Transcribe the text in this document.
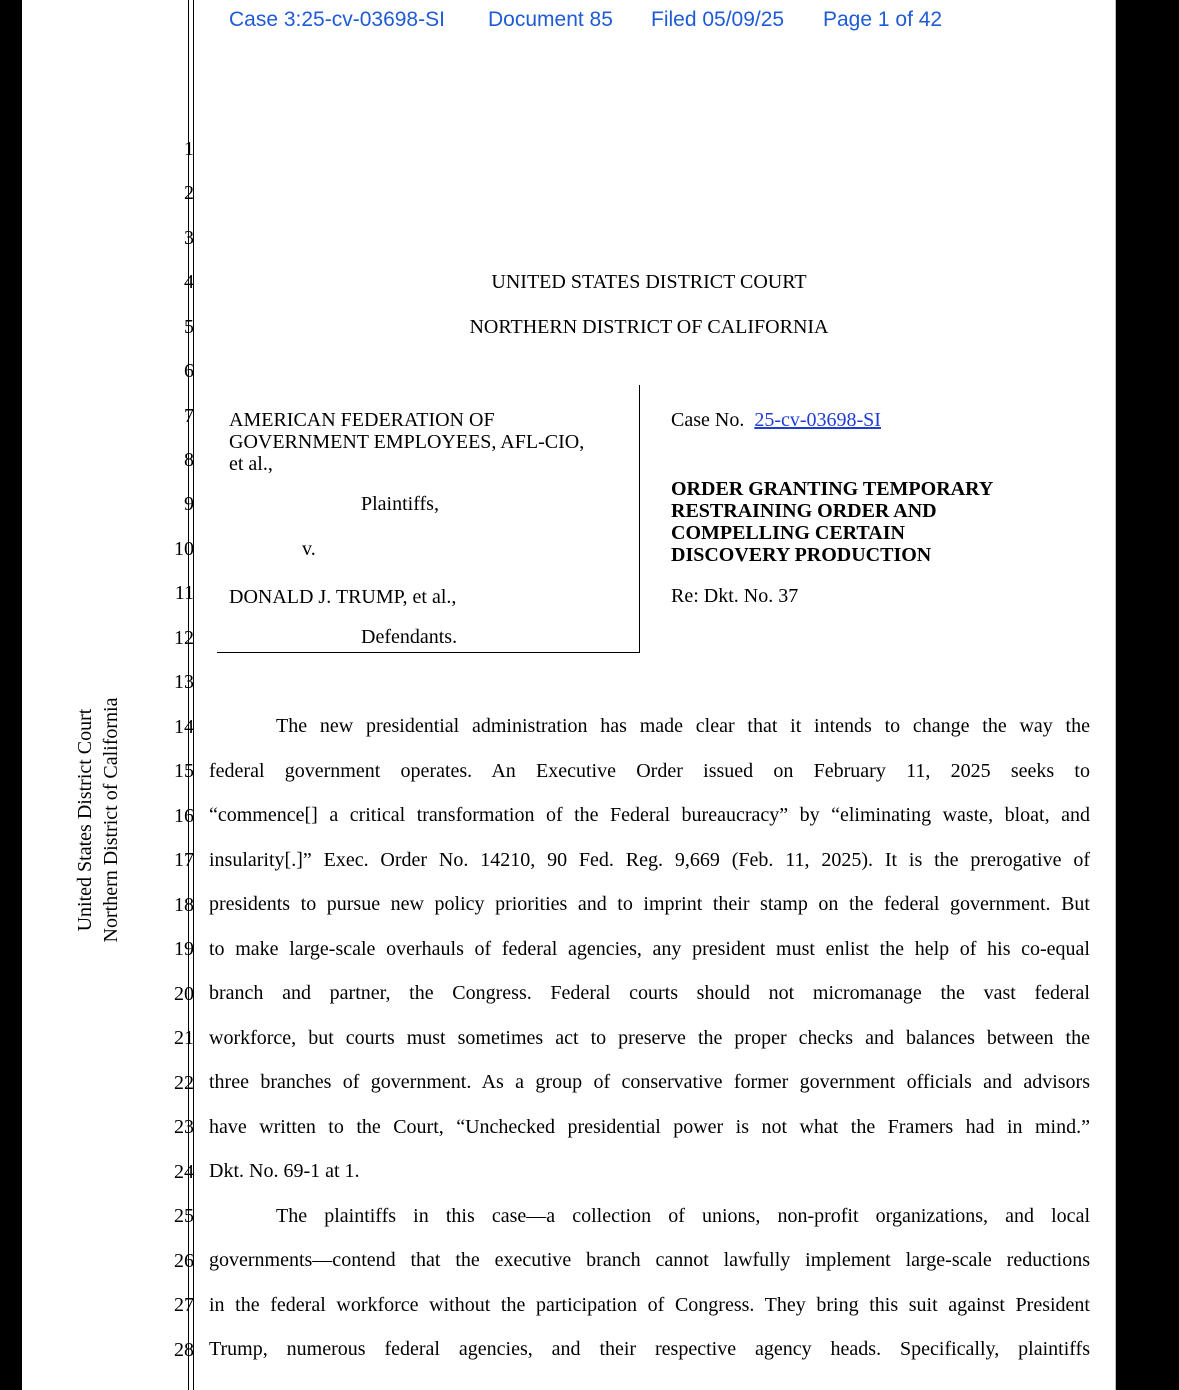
Case 3:25-cv-03698-SI Document 85 Filed 05/09/25 Page 1 of 42
United States District Court Northern District of California
1
2
3
4
5
6
7
8
9
10
11
12
13
14
15
16
17
18
19
20
21
22
23
24
25
26
27
28
UNITED STATES DISTRICT COURT
NORTHERN DISTRICT OF CALIFORNIA
AMERICAN FEDERATION OF
GOVERNMENT EMPLOYEES, AFL-CIO,
et al.,
Plaintiffs,
v.
DONALD J. TRUMP, et al.,
Defendants.
Case No. 25-cv-03698-SI
ORDER GRANTING TEMPORARY
RESTRAINING ORDER AND
COMPELLING CERTAIN
DISCOVERY PRODUCTION
Re: Dkt. No. 37
The new presidential administration has made clear that it intends to change the way the
federal government operates. An Executive Order issued on February 11, 2025 seeks to
“commence[] a critical transformation of the Federal bureaucracy” by “eliminating waste, bloat, and
insularity[.]” Exec. Order No. 14210, 90 Fed. Reg. 9,669 (Feb. 11, 2025). It is the prerogative of
presidents to pursue new policy priorities and to imprint their stamp on the federal government. But
to make large-scale overhauls of federal agencies, any president must enlist the help of his co-equal
branch and partner, the Congress. Federal courts should not micromanage the vast federal
workforce, but courts must sometimes act to preserve the proper checks and balances between the
three branches of government. As a group of conservative former government officials and advisors
have written to the Court, “Unchecked presidential power is not what the Framers had in mind.”
Dkt. No. 69-1 at 1.
The plaintiffs in this case—a collection of unions, non-profit organizations, and local
governments—contend that the executive branch cannot lawfully implement large-scale reductions
in the federal workforce without the participation of Congress. They bring this suit against President
Trump, numerous federal agencies, and their respective agency heads. Specifically, plaintiffs
